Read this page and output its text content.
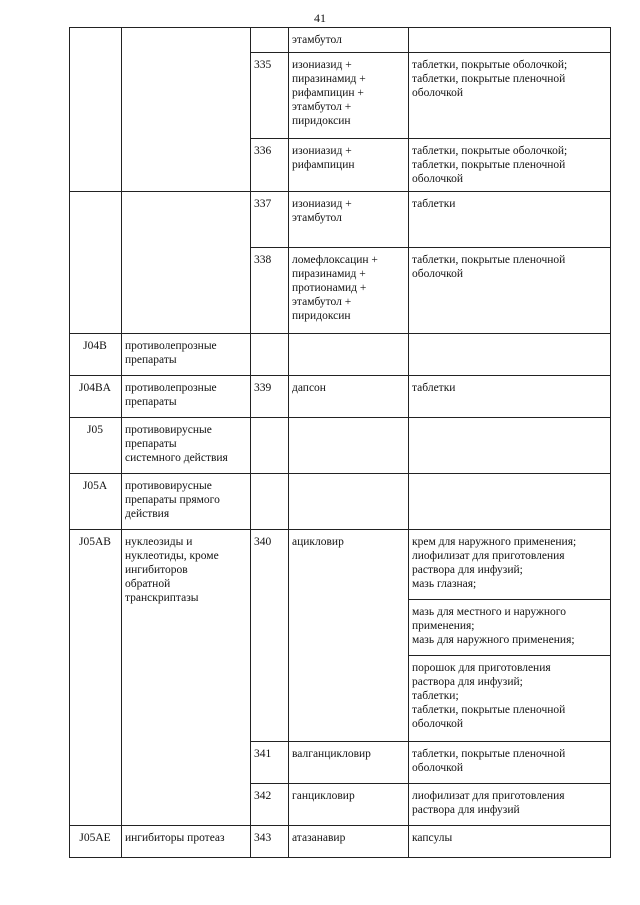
41
			этамбутол	
		335	изониазид +
пиразинамид +
рифампицин +
этамбутол +
пиридоксин	таблетки, покрытые оболочкой;
таблетки, покрытые пленочной
оболочкой
		336	изониазид +
рифампицин	таблетки, покрытые оболочкой;
таблетки, покрытые пленочной
оболочкой
		337	изониазид +
этамбутол	таблетки
		338	ломефлоксацин +
пиразинамид +
протионамид +
этамбутол +
пиридоксин	таблетки, покрытые пленочной
оболочкой
J04B	противолепрозные
препараты			
J04BA	противолепрозные
препараты	339	дапсон	таблетки
J05	противовирусные
препараты
системного действия			
J05A	противовирусные
препараты прямого
действия			
J05AB	нуклеозиды и
нуклеотиды, кроме
ингибиторов
обратной
транскриптазы	340	ацикловир	крем для наружного применения;
лиофилизат для приготовления
раствора для инфузий;
мазь глазная;
				мазь для местного и наружного
применения;
мазь для наружного применения;
				порошок для приготовления
раствора для инфузий;
таблетки;
таблетки, покрытые пленочной
оболочкой
		341	валганцикловир	таблетки, покрытые пленочной
оболочкой
		342	ганцикловир	лиофилизат для приготовления
раствора для инфузий
J05AE	ингибиторы протеаз	343	атазанавир	капсулы
